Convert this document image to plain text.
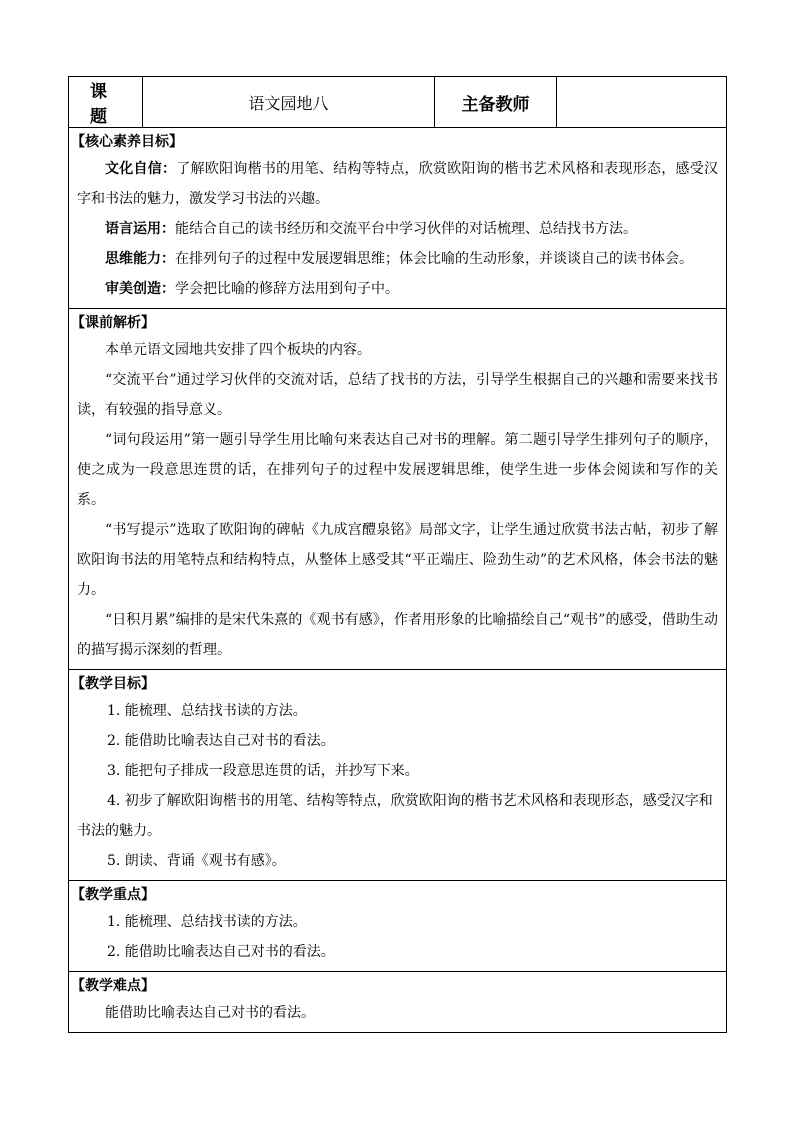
课　题	语文园地八	主备教师	

【核心素养目标】

文化自信：了解欧阳询楷书的用笔、结构等特点，欣赏欧阳询的楷书艺术风格和表现形态，感受汉字和书法的魅力，激发学习书法的兴趣。

语言运用：能结合自己的读书经历和交流平台中学习伙伴的对话梳理、总结找书方法。

思维能力：在排列句子的过程中发展逻辑思维；体会比喻的生动形象，并谈谈自己的读书体会。

审美创造：学会把比喻的修辞方法用到句子中。

【课前解析】

本单元语文园地共安排了四个板块的内容。

“交流平台”通过学习伙伴的交流对话，总结了找书的方法，引导学生根据自己的兴趣和需要来找书读，有较强的指导意义。

“词句段运用”第一题引导学生用比喻句来表达自己对书的理解。第二题引导学生排列句子的顺序，使之成为一段意思连贯的话，在排列句子的过程中发展逻辑思维，使学生进一步体会阅读和写作的关系。

“书写提示”选取了欧阳询的碑帖《九成宫醴泉铭》局部文字，让学生通过欣赏书法古帖，初步了解欧阳询书法的用笔特点和结构特点，从整体上感受其“平正端庄、险劲生动”的艺术风格，体会书法的魅力。

“日积月累”编排的是宋代朱熹的《观书有感》，作者用形象的比喻描绘自己“观书”的感受，借助生动的描写揭示深刻的哲理。

【教学目标】

1. 能梳理、总结找书读的方法。

2. 能借助比喻表达自己对书的看法。

3. 能把句子排成一段意思连贯的话，并抄写下来。

4. 初步了解欧阳询楷书的用笔、结构等特点，欣赏欧阳询的楷书艺术风格和表现形态，感受汉字和书法的魅力。

5. 朗读、背诵《观书有感》。

【教学重点】

1. 能梳理、总结找书读的方法。

2. 能借助比喻表达自己对书的看法。

【教学难点】

能借助比喻表达自己对书的看法。
